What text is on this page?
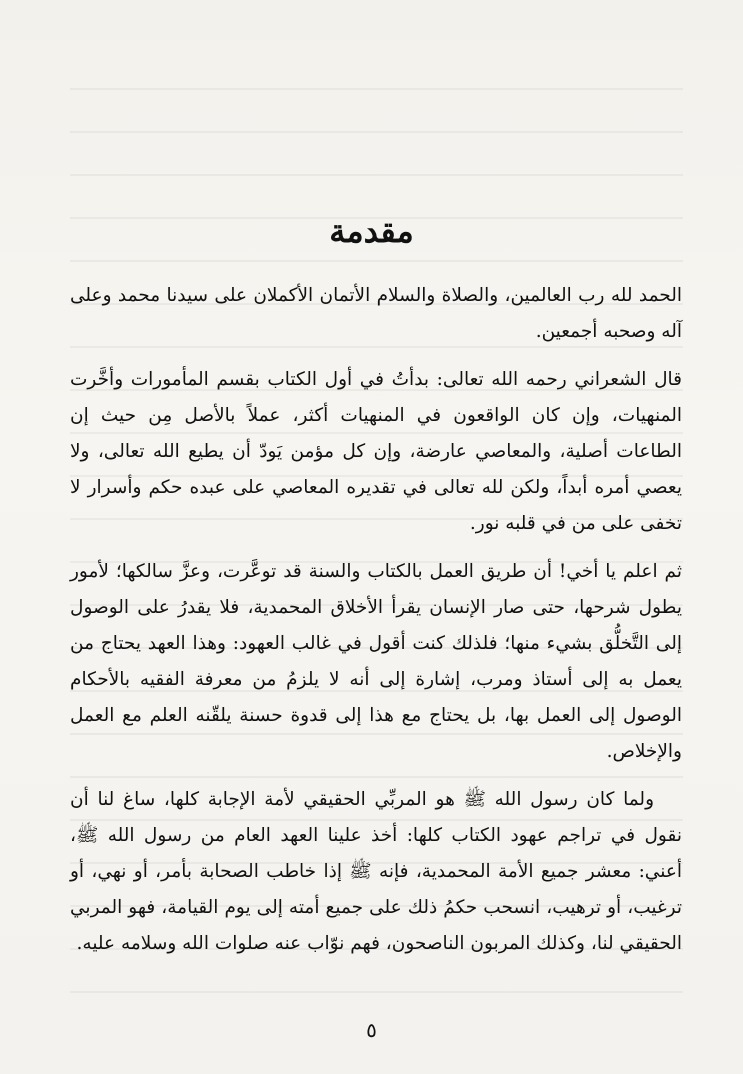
مقدمة

الحمد لله رب العالمين، والصلاة والسلام الأتمان الأكملان على سيدنا محمد وعلى آله وصحبه أجمعين.

قال الشعراني رحمه الله تعالى: بدأتُ في أول الكتاب بقسم المأمورات وأخَّرت المنهيات، وإن كان الواقعون في المنهيات أكثر، عملاً بالأصل مِن حيث إن الطاعات أصلية، والمعاصي عارضة، وإن كل مؤمن يَودّ أن يطيع الله تعالى، ولا يعصي أمره أبداً، ولكن لله تعالى في تقديره المعاصي على عبده حكم وأسرار لا تخفى على من في قلبه نور.

ثم اعلم يا أخي! أن طريق العمل بالكتاب والسنة قد توعَّرت، وعزَّ سالكها؛ لأمور يطول شرحها، حتى صار الإنسان يقرأ الأخلاق المحمدية، فلا يقدرُ على الوصول إلى التَّخلُّق بشيء منها؛ فلذلك كنت أقول في غالب العهود: وهذا العهد يحتاج من يعمل به إلى أستاذ ومرب، إشارة إلى أنه لا يلزمُ من معرفة الفقيه بالأحكام الوصول إلى العمل بها، بل يحتاج مع هذا إلى قدوة حسنة يلقّنه العلم مع العمل والإخلاص.

ولما كان رسول الله ﷺ هو المربِّي الحقيقي لأمة الإجابة كلها، ساغ لنا أن نقول في تراجم عهود الكتاب كلها: أخذ علينا العهد العام من رسول الله ﷺ، أعني: معشر جميع الأمة المحمدية، فإنه ﷺ إذا خاطب الصحابة بأمر، أو نهي، أو ترغيب، أو ترهيب، انسحب حكمُ ذلك على جميع أمته إلى يوم القيامة، فهو المربي الحقيقي لنا، وكذلك المربون الناصحون، فهم نوّاب عنه صلوات الله وسلامه عليه.

٥
